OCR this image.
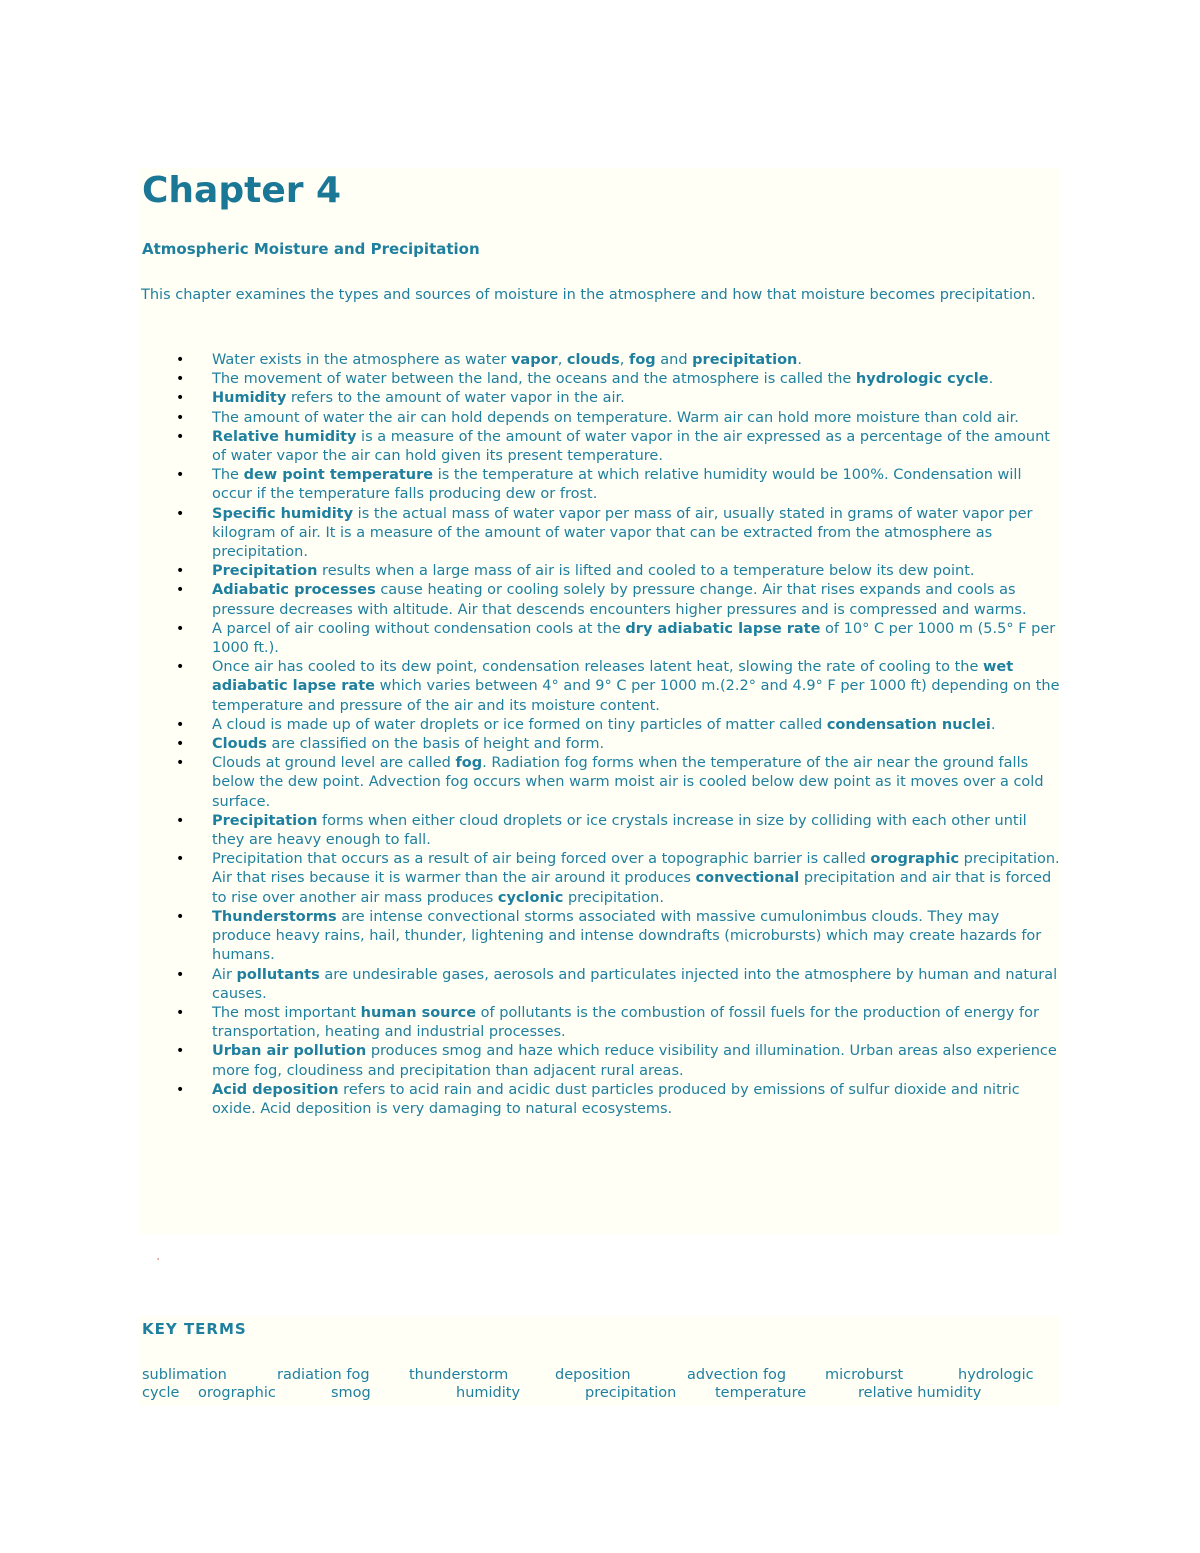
Chapter 4
Atmospheric Moisture and Precipitation

This chapter examines the types and sources of moisture in the atmosphere and how that moisture becomes precipitation.

• Water exists in the atmosphere as water vapor, clouds, fog and precipitation.
• The movement of water between the land, the oceans and the atmosphere is called the hydrologic cycle.
• Humidity refers to the amount of water vapor in the air.
• The amount of water the air can hold depends on temperature. Warm air can hold more moisture than cold air.
• Relative humidity is a measure of the amount of water vapor in the air expressed as a percentage of the amount of water vapor the air can hold given its present temperature.
• The dew point temperature is the temperature at which relative humidity would be 100%. Condensation will occur if the temperature falls producing dew or frost.
• Specific humidity is the actual mass of water vapor per mass of air, usually stated in grams of water vapor per kilogram of air. It is a measure of the amount of water vapor that can be extracted from the atmosphere as precipitation.
• Precipitation results when a large mass of air is lifted and cooled to a temperature below its dew point.
• Adiabatic processes cause heating or cooling solely by pressure change. Air that rises expands and cools as pressure decreases with altitude. Air that descends encounters higher pressures and is compressed and warms.
• A parcel of air cooling without condensation cools at the dry adiabatic lapse rate of 10° C per 1000 m (5.5° F per 1000 ft.).
• Once air has cooled to its dew point, condensation releases latent heat, slowing the rate of cooling to the wet adiabatic lapse rate which varies between 4° and 9° C per 1000 m.(2.2° and 4.9° F per 1000 ft) depending on the temperature and pressure of the air and its moisture content.
• A cloud is made up of water droplets or ice formed on tiny particles of matter called condensation nuclei.
• Clouds are classified on the basis of height and form.
• Clouds at ground level are called fog. Radiation fog forms when the temperature of the air near the ground falls below the dew point. Advection fog occurs when warm moist air is cooled below dew point as it moves over a cold surface.
• Precipitation forms when either cloud droplets or ice crystals increase in size by colliding with each other until they are heavy enough to fall.
• Precipitation that occurs as a result of air being forced over a topographic barrier is called orographic precipitation. Air that rises because it is warmer than the air around it produces convectional precipitation and air that is forced to rise over another air mass produces cyclonic precipitation.
• Thunderstorms are intense convectional storms associated with massive cumulonimbus clouds. They may produce heavy rains, hail, thunder, lightening and intense downdrafts (microbursts) which may create hazards for humans.
• Air pollutants are undesirable gases, aerosols and particulates injected into the atmosphere by human and natural causes.
• The most important human source of pollutants is the combustion of fossil fuels for the production of energy for transportation, heating and industrial processes.
• Urban air pollution produces smog and haze which reduce visibility and illumination. Urban areas also experience more fog, cloudiness and precipitation than adjacent rural areas.
• Acid deposition refers to acid rain and acidic dust particles produced by emissions of sulfur dioxide and nitric oxide. Acid deposition is very damaging to natural ecosystems.
'
KEY TERMS
sublimation	radiation fog	thunderstorm	deposition	advection fog	microburst	hydrologic
cycle orographic	smog	humidity	precipitation	temperature	relative humidity
